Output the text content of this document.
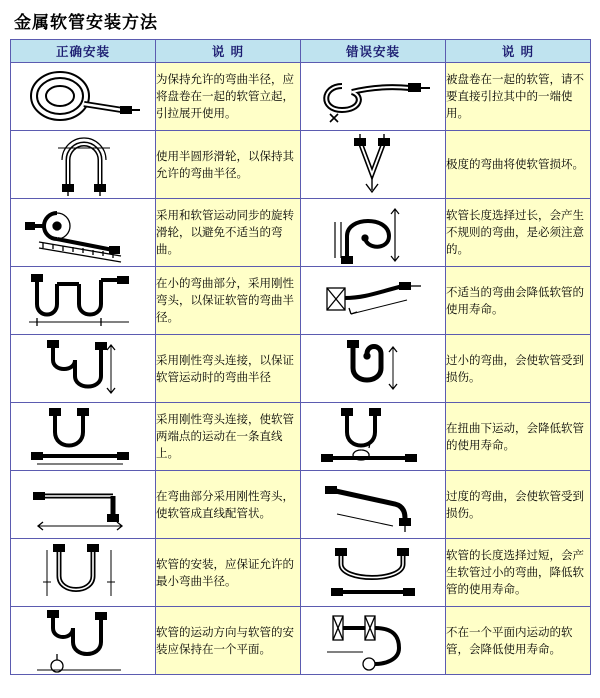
金属软管安装方法
正确安装	说 明	错误安装	说 明

	为保持允许的弯曲半径，应将盘卷在一起的软管立起，引拉展开使用。		被盘卷在一起的软管，请不要直接引拉其中的一端使用。

	使用半圆形滑轮，以保持其允许的弯曲半径。		极度的弯曲将使软管损坏。

	采用和软管运动同步的旋转滑轮，以避免不适当的弯曲。		软管长度选择过长，会产生不规则的弯曲，是必须注意的。

	在小的弯曲部分，采用刚性弯头，以保证软管的弯曲半径。		不适当的弯曲会降低软管的使用寿命。

	采用刚性弯头连接，以保证软管运动时的弯曲半径		过小的弯曲，会使软管受到损伤。

	采用刚性弯头连接，使软管两端点的运动在一条直线上。		在扭曲下运动，会降低软管的使用寿命。

	在弯曲部分采用刚性弯头，使软管成直线配管状。		过度的弯曲，会使软管受到损伤。

	软管的安装，应保证允许的最小弯曲半径。		软管的长度选择过短，会产生软管过小的弯曲，降低软管的使用寿命。

	软管的运动方向与软管的安装应保持在一个平面。		不在一个平面内运动的软管，会降低使用寿命。
